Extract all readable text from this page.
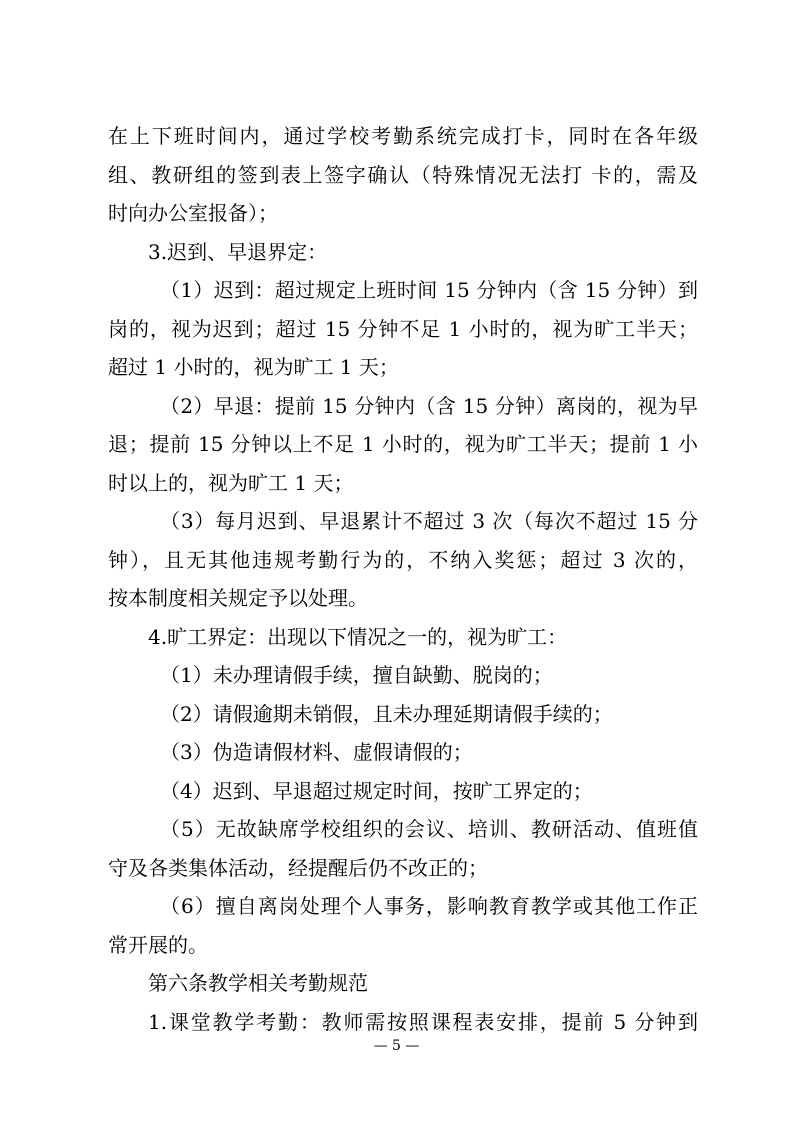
在上下班时间内，通过学校考勤系统完成打卡，同时在各年级
组、教研组的签到表上签字确认（特殊情况无法打 卡的，需及
时向办公室报备）；
3.迟到、早退界定：
（1）迟到：超过规定上班时间 15 分钟内（含 15 分钟）到
岗的，视为迟到；超过 15 分钟不足 1 小时的，视为旷工半天；
超过 1 小时的，视为旷工 1 天；
（2）早退：提前 15 分钟内（含 15 分钟）离岗的，视为早
退；提前 15 分钟以上不足 1 小时的，视为旷工半天；提前 1 小
时以上的，视为旷工 1 天；
（3）每月迟到、早退累计不超过 3 次（每次不超过 15 分
钟），且无其他违规考勤行为的，不纳入奖惩；超过 3 次的，
按本制度相关规定予以处理。
4.旷工界定：出现以下情况之一的，视为旷工：
（1）未办理请假手续，擅自缺勤、脱岗的；
（2）请假逾期未销假，且未办理延期请假手续的；
（3）伪造请假材料、虚假请假的；
（4）迟到、早退超过规定时间，按旷工界定的；
（5）无故缺席学校组织的会议、培训、教研活动、值班值
守及各类集体活动，经提醒后仍不改正的；
（6）擅自离岗处理个人事务，影响教育教学或其他工作正
常开展的。
第六条教学相关考勤规范
1.课堂教学考勤：教师需按照课程表安排，提前 5 分钟到
— 5 —
